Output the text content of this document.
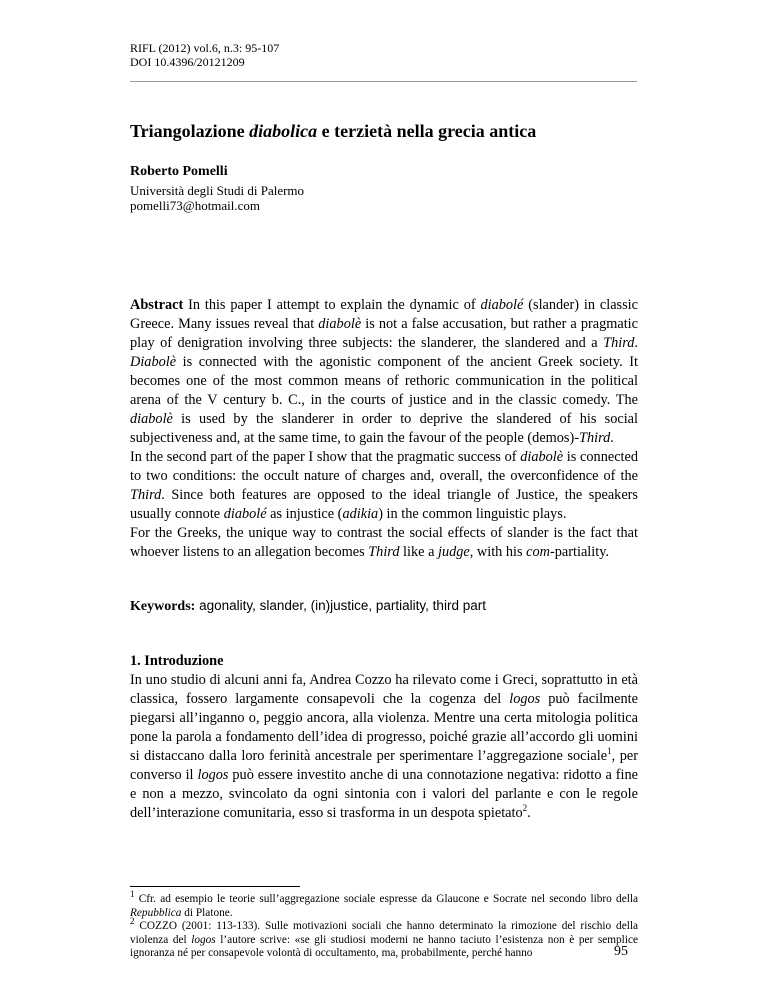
RIFL (2012) vol.6, n.3: 95-107
DOI 10.4396/20121209
Triangolazione diabolica e terzietà nella grecia antica
Roberto Pomelli
Università degli Studi di Palermo
pomelli73@hotmail.com

Abstract In this paper I attempt to explain the dynamic of diabolé (slander) in classic Greece. Many issues reveal that diabolè is not a false accusation, but rather a pragmatic play of denigration involving three subjects: the slanderer, the slandered and a Third. Diabolè is connected with the agonistic component of the ancient Greek society. It becomes one of the most common means of rethoric communication in the political arena of the V century b. C., in the courts of justice and in the classic comedy. The diabolè is used by the slanderer in order to deprive the slandered of his social subjectiveness and, at the same time, to gain the favour of the people (demos)-Third.

In the second part of the paper I show that the pragmatic success of diabolè is connected to two conditions: the occult nature of charges and, overall, the overconfidence of the Third. Since both features are opposed to the ideal triangle of Justice, the speakers usually connote diabolé as injustice (adikia) in the common linguistic plays.

For the Greeks, the unique way to contrast the social effects of slander is the fact that whoever listens to an allegation becomes Third like a judge, with his com-partiality.

Keywords: agonality, slander, (in)justice, partiality, third part
1. Introduzione

In uno studio di alcuni anni fa, Andrea Cozzo ha rilevato come i Greci, soprattutto in età classica, fossero largamente consapevoli che la cogenza del logos può facilmente piegarsi all’inganno o, peggio ancora, alla violenza. Mentre una certa mitologia politica pone la parola a fondamento dell’idea di progresso, poiché grazie all’accordo gli uomini si distaccano dalla loro ferinità ancestrale per sperimentare l’aggregazione sociale$^1$, per converso il logos può essere investito anche di una connotazione negativa: ridotto a fine e non a mezzo, svincolato da ogni sintonia con i valori del parlante e con le regole dell’interazione comunitaria, esso si trasforma in un despota spietato$^2$.

$^1$ Cfr. ad esempio le teorie sull’aggregazione sociale espresse da Glaucone e Socrate nel secondo libro della Repubblica di Platone.

$^2$ COZZO (2001: 113-133). Sulle motivazioni sociali che hanno determinato la rimozione del rischio della violenza del logos l’autore scrive: «se gli studiosi moderni ne hanno taciuto l’esistenza non è per semplice ignoranza né per consapevole volontà di occultamento, ma, probabilmente, perché hanno	95
